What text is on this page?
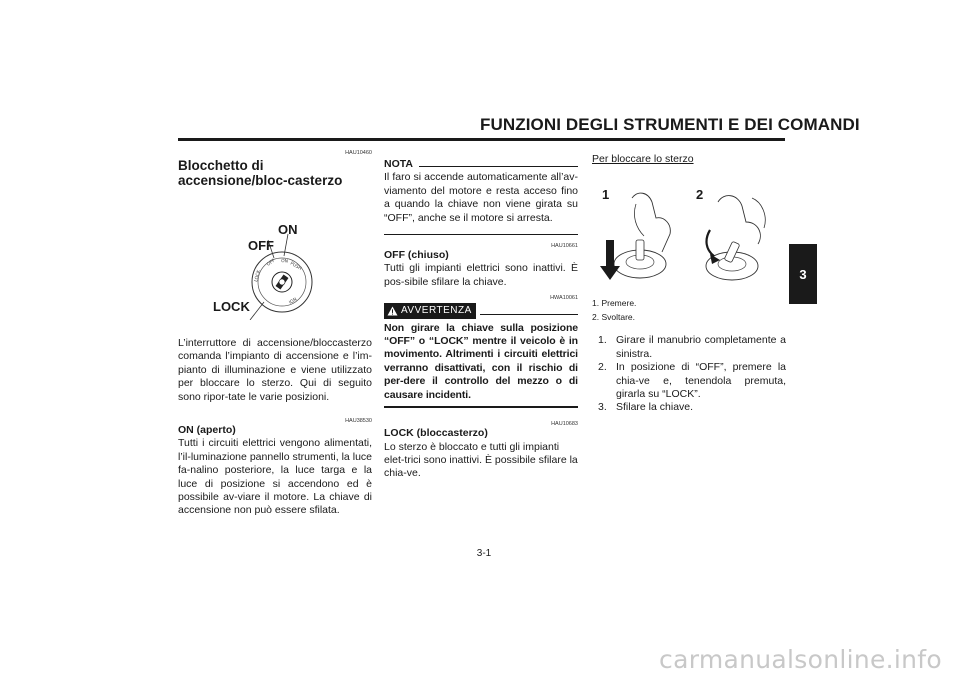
FUNZIONI DEGLI STRUMENTI E DEI COMANDI
3
HAU10460
Blocchetto di accensione/bloc-casterzo
OFF ON PUSH
LOCK
IGN
OFF
ON
LOCK

L’interruttore di accensione/bloccasterzo comanda l’impianto di accensione e l’im-pianto di illuminazione e viene utilizzato per bloccare lo sterzo. Qui di seguito sono ripor-tate le varie posizioni.

HAU38530
ON (aperto)

Tutti i circuiti elettrici vengono alimentati, l’il-luminazione pannello strumenti, la luce fa-nalino posteriore, la luce targa e la luce di posizione si accendono ed è possibile av-viare il motore. La chiave di accensione non può essere sfilata.

NOTA

Il faro si accende automaticamente all’av-viamento del motore e resta acceso fino a quando la chiave non viene girata su “OFF”, anche se il motore si arresta.

HAU10661
OFF (chiuso)

Tutti gli impianti elettrici sono inattivi. È pos-sibile sfilare la chiave.

HWA10061
AVVERTENZA

Non girare la chiave sulla posizione “OFF” o “LOCK” mentre il veicolo è in movimento. Altrimenti i circuiti elettrici verranno disattivati, con il rischio di per-dere il controllo del mezzo o di causare incidenti.

HAU10683
LOCK (bloccasterzo)

Lo sterzo è bloccato e tutti gli impianti elet-trici sono inattivi. È possibile sfilare la chia-ve.

Per bloccare lo sterzo
1	2
1. Premere.
2. Svoltare.
1. Girare il manubrio completamente a sinistra.
2. In posizione di “OFF”, premere la chia-ve e, tenendola premuta, girarla su “LOCK”.
3. Sfilare la chiave.
3-1
carmanualsonline.info
